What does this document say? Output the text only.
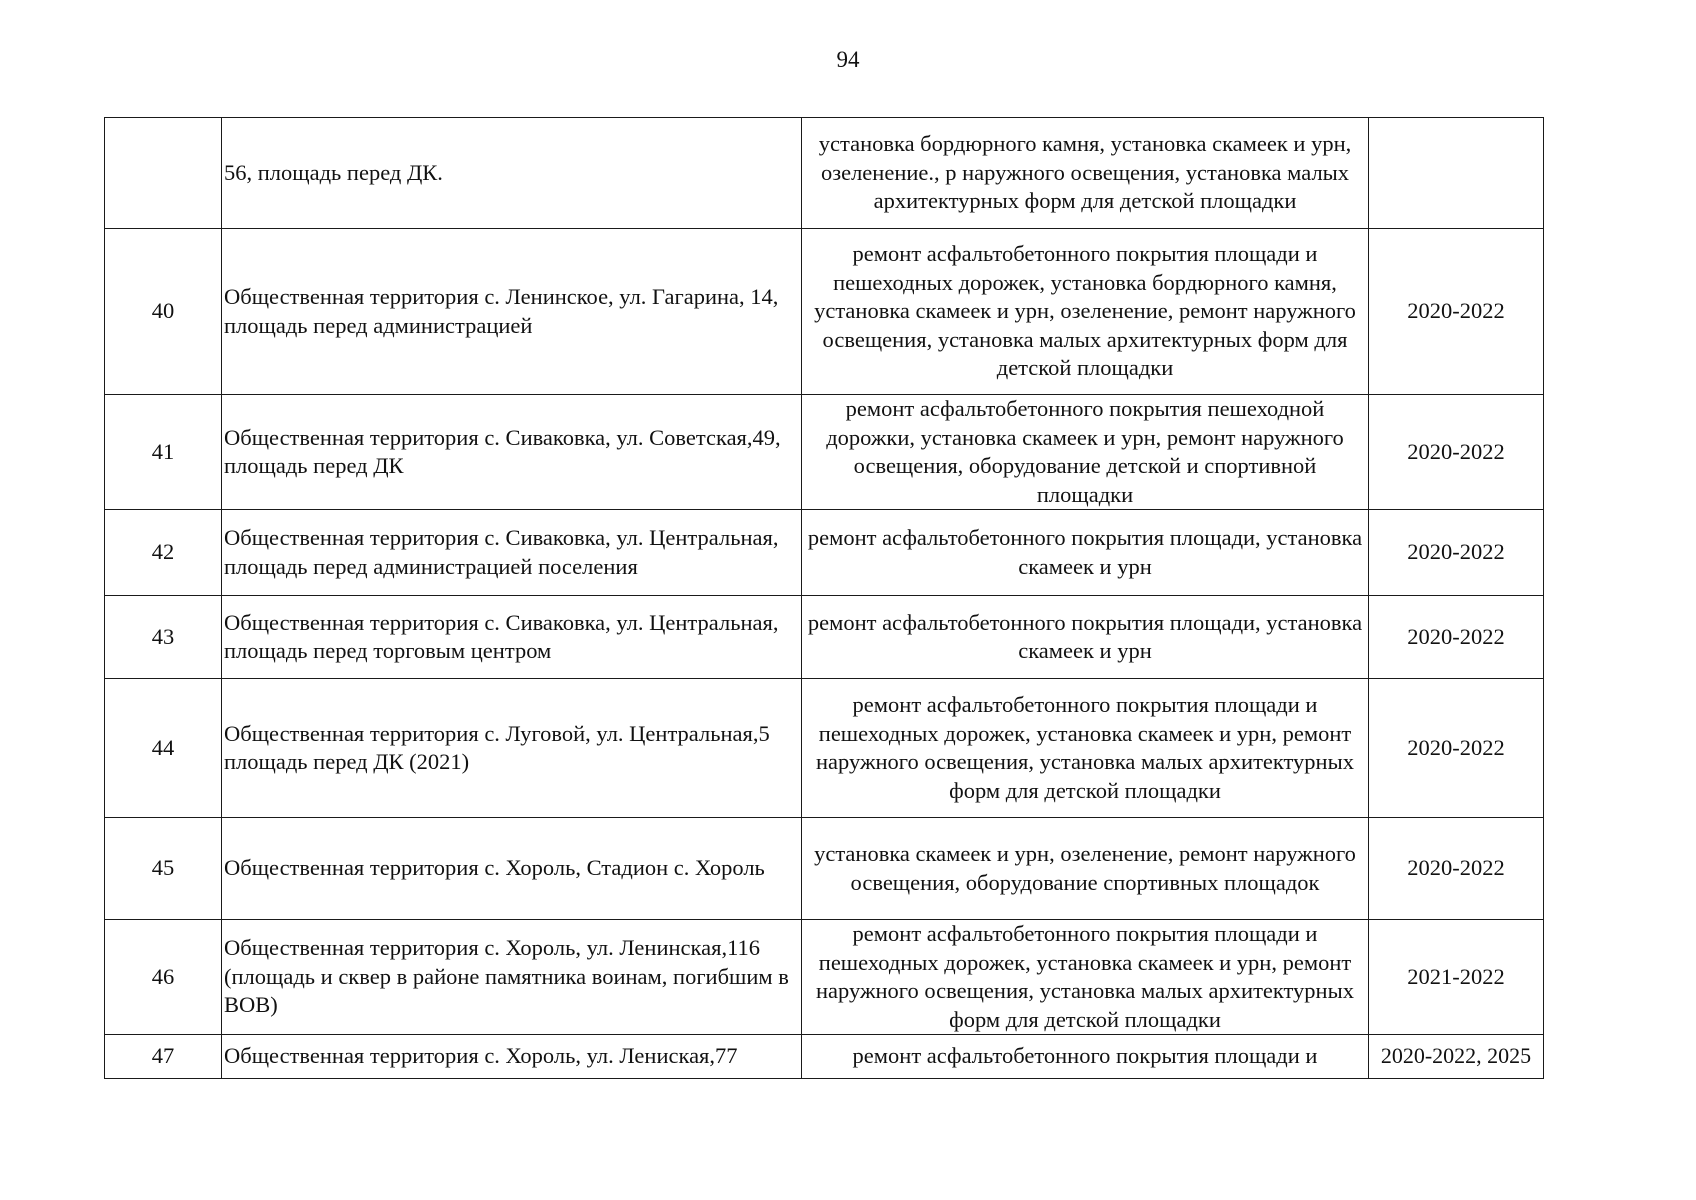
94
	56, площадь перед ДК.	установка бордюрного камня, установка скамеек и урн, озеленение., р наружного освещения, установка малых архитектурных форм для детской площадки	
40	Общественная территория с. Ленинское, ул. Гагарина, 14, площадь перед администрацией	ремонт асфальтобетонного покрытия площади и пешеходных дорожек, установка бордюрного камня, установка скамеек и урн, озеленение, ремонт наружного освещения, установка малых архитектурных форм для детской площадки	2020-2022
41	Общественная территория с. Сиваковка, ул. Советская,49, площадь перед ДК	ремонт асфальтобетонного покрытия пешеходной дорожки, установка скамеек и урн, ремонт наружного освещения, оборудование детской и спортивной площадки	2020-2022
42	Общественная территория с. Сиваковка, ул. Центральная, площадь перед администрацией поселения	ремонт асфальтобетонного покрытия площади, установка скамеек и урн	2020-2022
43	Общественная территория с. Сиваковка, ул. Центральная, площадь перед торговым центром	ремонт асфальтобетонного покрытия площади, установка скамеек и урн	2020-2022
44	Общественная территория с. Луговой, ул. Центральная,5 площадь перед ДК (2021)	ремонт асфальтобетонного покрытия площади и пешеходных дорожек, установка скамеек и урн, ремонт наружного освещения, установка малых архитектурных форм для детской площадки	2020-2022
45	Общественная территория с. Хороль, Стадион с. Хороль	установка скамеек и урн, озеленение, ремонт наружного освещения, оборудование спортивных площадок	2020-2022
46	Общественная территория с. Хороль, ул. Ленинская,116 (площадь и сквер в районе памятника воинам, погибшим в ВОВ)	ремонт асфальтобетонного покрытия площади и пешеходных дорожек, установка скамеек и урн, ремонт наружного освещения, установка малых архитектурных форм для детской площадки	2021-2022
47	Общественная территория с. Хороль, ул. Лениская,77	ремонт асфальтобетонного покрытия площади и	2020-2022, 2025
